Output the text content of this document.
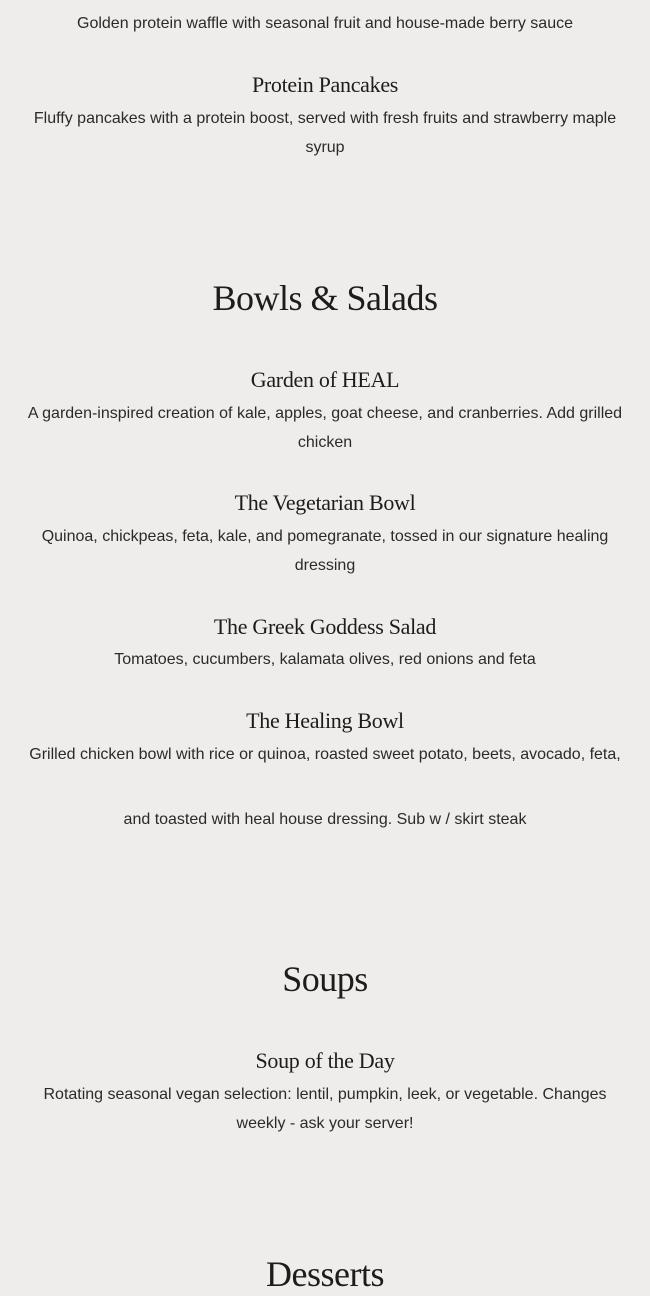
Golden protein waffle with seasonal fruit and house-made berry sauce

Protein Pancakes

Fluffy pancakes with a protein boost, served with fresh fruits and strawberry maple syrup

Bowls & Salads
Garden of HEAL

A garden-inspired creation of kale, apples, goat cheese, and cranberries. Add grilled chicken

The Vegetarian Bowl

Quinoa, chickpeas, feta, kale, and pomegranate, tossed in our signature healing dressing

The Greek Goddess Salad

Tomatoes, cucumbers, kalamata olives, red onions and feta

The Healing Bowl

Grilled chicken bowl with rice or quinoa, roasted sweet potato, beets, avocado, feta,

and toasted with heal house dressing. Sub w / skirt steak

Soups
Soup of the Day

Rotating seasonal vegan selection: lentil, pumpkin, leek, or vegetable. Changes weekly - ask your server!

Desserts
